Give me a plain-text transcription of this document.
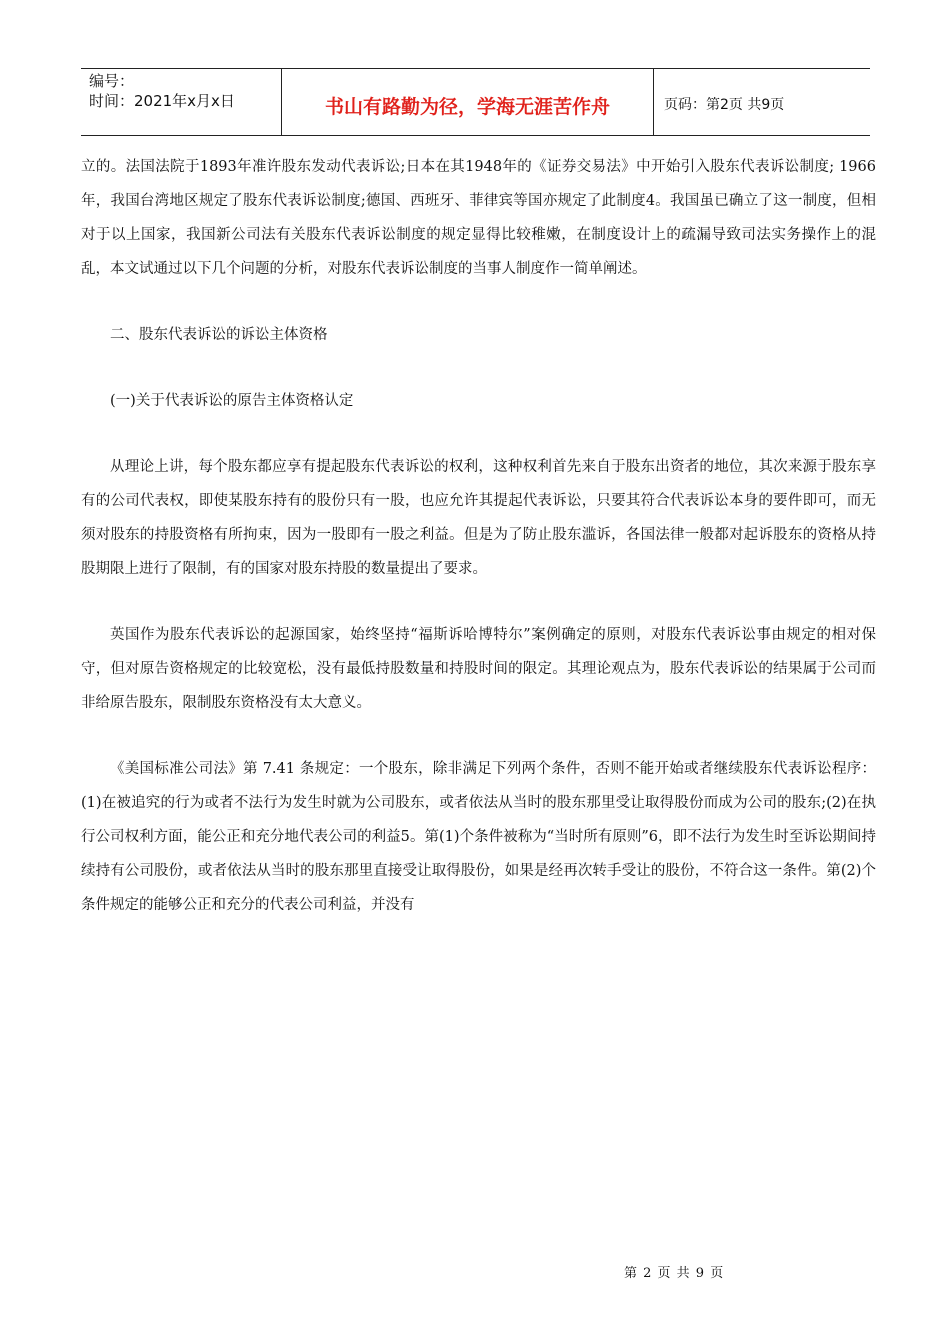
编号：
时间：2021年x月x日	书山有路勤为径，学海无涯苦作舟	页码：第2页 共9页

立的。法国法院于1893年准许股东发动代表诉讼;日本在其1948年的《证券交易法》中开始引入股东代表诉讼制度; 1966年，我国台湾地区规定了股东代表诉讼制度;德国、西班牙、菲律宾等国亦规定了此制度4。我国虽已确立了这一制度，但相对于以上国家，我国新公司法有关股东代表诉讼制度的规定显得比较稚嫩，在制度设计上的疏漏导致司法实务操作上的混乱，本文试通过以下几个问题的分析，对股东代表诉讼制度的当事人制度作一简单阐述。

二、股东代表诉讼的诉讼主体资格

(一)关于代表诉讼的原告主体资格认定

从理论上讲，每个股东都应享有提起股东代表诉讼的权利，这种权利首先来自于股东出资者的地位，其次来源于股东享有的公司代表权，即使某股东持有的股份只有一股，也应允许其提起代表诉讼，只要其符合代表诉讼本身的要件即可，而无须对股东的持股资格有所拘束，因为一股即有一股之利益。但是为了防止股东滥诉，各国法律一般都对起诉股东的资格从持股期限上进行了限制，有的国家对股东持股的数量提出了要求。

英国作为股东代表诉讼的起源国家，始终坚持“福斯诉哈博特尔”案例确定的原则，对股东代表诉讼事由规定的相对保守，但对原告资格规定的比较宽松，没有最低持股数量和持股时间的限定。其理论观点为，股东代表诉讼的结果属于公司而非给原告股东，限制股东资格没有太大意义。

《美国标准公司法》第 7.41 条规定：一个股东，除非满足下列两个条件，否则不能开始或者继续股东代表诉讼程序：(1)在被追究的行为或者不法行为发生时就为公司股东，或者依法从当时的股东那里受让取得股份而成为公司的股东;(2)在执行公司权利方面，能公正和充分地代表公司的利益5。第(1)个条件被称为“当时所有原则”6，即不法行为发生时至诉讼期间持续持有公司股份，或者依法从当时的股东那里直接受让取得股份，如果是经再次转手受让的股份，不符合这一条件。第(2)个条件规定的能够公正和充分的代表公司利益，并没有

第 2 页 共 9 页
